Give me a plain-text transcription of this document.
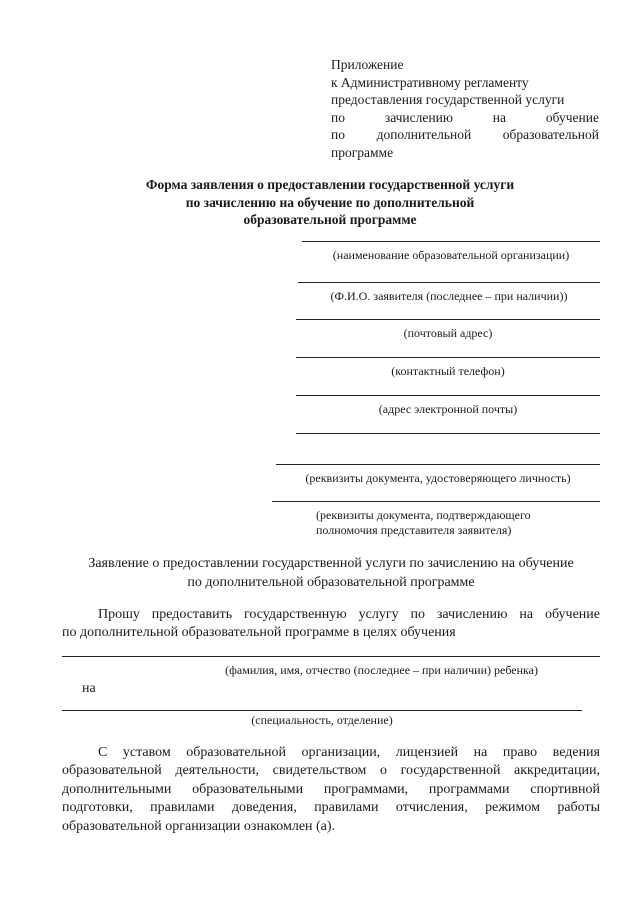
Приложение
к Административному регламенту
предоставления государственной услуги
по	зачислению	на	обучение
по дополнительной образовательной
программе
Форма заявления о предоставлении государственной услуги
по зачислению на обучение по дополнительной
образовательной программе
(наименование образовательной организации)
(Ф.И.О. заявителя (последнее – при наличии))
(почтовый адрес)
(контактный телефон)
(адрес электронной почты)
(реквизиты документа, удостоверяющего личность)
(реквизиты документа, подтверждающего
полномочия представителя заявителя)
Заявление о предоставлении государственной услуги по зачислению на обучение
по дополнительной образовательной программе
Прошу предоставить государственную услугу по зачислению на обучение
по дополнительной образовательной программе в целях обучения
(фамилия, имя, отчество (последнее – при наличии) ребенка)
на
(специальность, отделение)
С уставом образовательной организации, лицензией на право ведения
образовательной деятельности, свидетельством о государственной аккредитации,
дополнительными образовательными программами, программами спортивной
подготовки, правилами доведения, правилами отчисления, режимом работы
образовательной организации ознакомлен (а).
